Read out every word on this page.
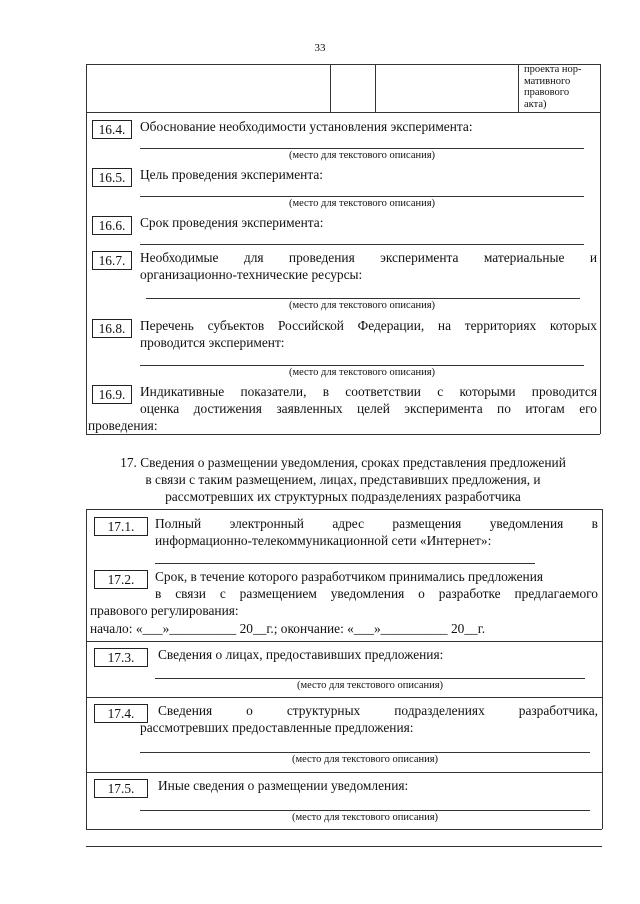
33
проекта нор-
мативного
правового
акта)
16.4.	Обоснование необходимости установления эксперимента:
(место для текстового описания)
16.5.	Цель проведения эксперимента:
(место для текстового описания)
16.6.	Срок проведения эксперимента:
16.7.	Необходимые для проведения эксперимента материальные и
организационно-технические ресурсы:
(место для текстового описания)
16.8.	Перечень субъектов Российской Федерации, на территориях которых
проводится эксперимент:
(место для текстового описания)
16.9.	Индикативные показатели, в соответствии с которыми проводится
оценка достижения заявленных целей эксперимента по итогам его
проведения:
17. Сведения о размещении уведомления, сроках представления предложений
в связи с таким размещением, лицах, представивших предложения, и
рассмотревших их структурных подразделениях разработчика
17.1.	Полный электронный адрес размещения уведомления в
информационно-телекоммуникационной сети «Интернет»:
17.2.	Срок, в течение которого разработчиком принимались предложения
в связи с размещением уведомления о разработке предлагаемого
правового регулирования:
начало: «___»__________ 20__г.; окончание: «___»__________ 20__г.
17.3.	Сведения о лицах, предоставивших предложения:
(место для текстового описания)
17.4.	Сведения о структурных подразделениях разработчика,
рассмотревших предоставленные предложения:
(место для текстового описания)
17.5.	Иные сведения о размещении уведомления:
(место для текстового описания)
